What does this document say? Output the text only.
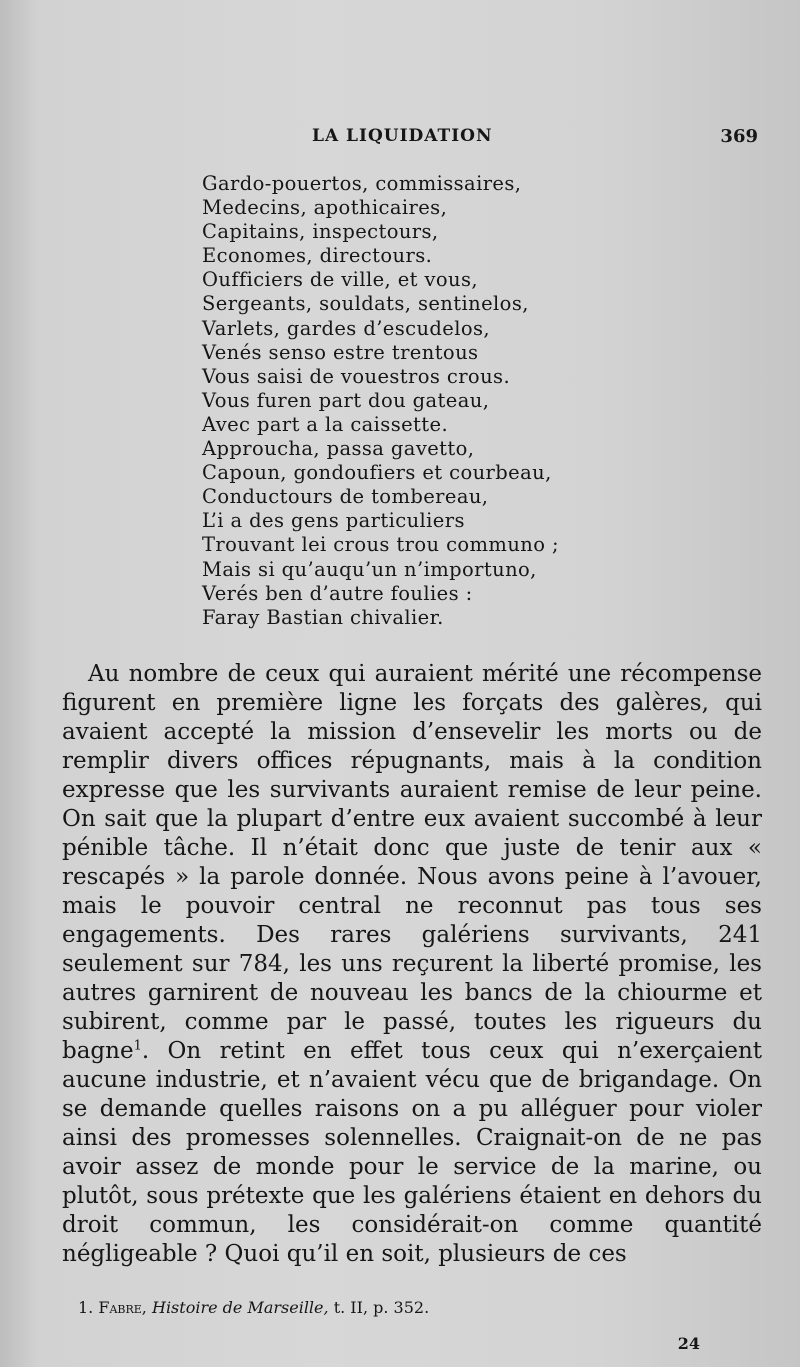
LA LIQUIDATION	369
Gardo-pouertos, commissaires,
Medecins, apothicaires,
Capitains, inspectours,
Economes, directours.
Oufficiers de ville, et vous,
Sergeants, souldats, sentinelos,
Varlets, gardes d’escudelos,
Venés senso estre trentous
Vous saisi de vouestros crous.
Vous furen part dou gateau,
Avec part a la caissette.
Approucha, passa gavetto,
Capoun, gondoufiers et courbeau,
Conductours de tombereau,
L’i a des gens particuliers
Trouvant lei crous trou communo ;
Mais si qu’auqu’un n’importuno,
Verés ben d’autre foulies :
Faray Bastian chivalier.

Au nombre de ceux qui auraient mérité une récompense figurent en première ligne les forçats des galères, qui avaient accepté la mission d’ensevelir les morts ou de remplir divers offices répugnants, mais à la condition expresse que les survivants auraient remise de leur peine. On sait que la plupart d’entre eux avaient succombé à leur pénible tâche. Il n’était donc que juste de tenir aux « rescapés » la parole donnée. Nous avons peine à l’avouer, mais le pouvoir central ne reconnut pas tous ses engagements. Des rares galériens survivants, 241 seulement sur 784, les uns reçurent la liberté promise, les autres garnirent de nouveau les bancs de la chiourme et subirent, comme par le passé, toutes les rigueurs du bagne$^1$. On retint en effet tous ceux qui n’exerçaient aucune industrie, et n’avaient vécu que de brigandage. On se demande quelles raisons on a pu alléguer pour violer ainsi des promesses solennelles. Craignait-on de ne pas avoir assez de monde pour le service de la marine, ou plutôt, sous prétexte que les galériens étaient en dehors du droit commun, les considérait-on comme quantité négligeable ? Quoi qu’il en soit, plusieurs de ces

1. Fabre, Histoire de Marseille, t. II, p. 352.
24
